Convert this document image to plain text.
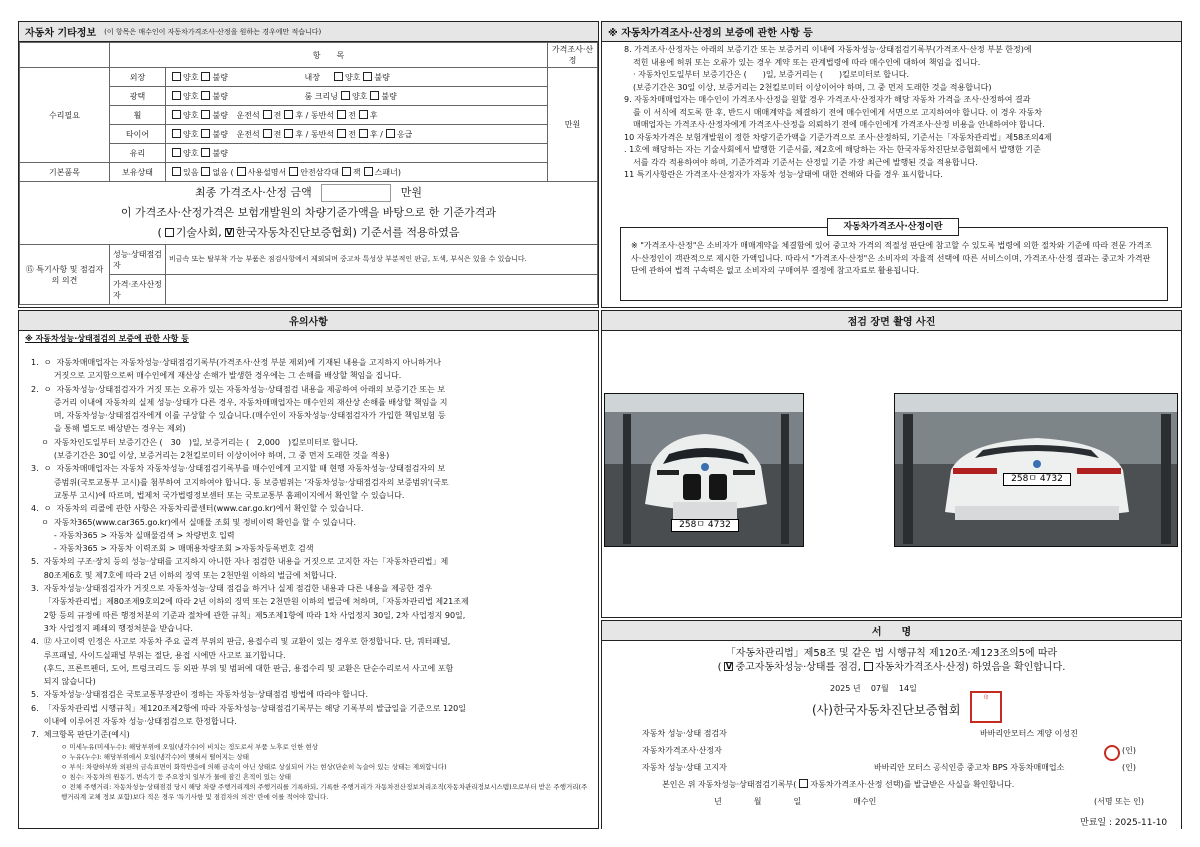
자동차 기타정보 (이 항목은 매수인이 자동차가격조사·산정을 원하는 경우에만 적습니다)
	항　　목		가격조사·산정
수리필요	외장	양호 불량 내장 양호 불량	만원
	광택	양호 불량 룸 크리닝 양호 불량	
	휠	양호 불량 운전석 전 후 / 동반석 전 후	
	타이어	양호 불량 운전석 전 후 / 동반석 전 후 / 응급	
	유리	양호 불량	
기본품목	보유상태	있음 없음 ( 사용설명서 안전삼각대 잭 스패너)	

최종 가격조사·산정 금액 만원
이 가격조사·산정가격은 보험개발원의 차량기준가액을 바탕으로 한 기준가격과
( 기술사회, V 한국자동차진단보증협회) 기준서를 적용하였음			

⑮ 특기사항 및 점검자의 의견	성능·상태점검자	비금속 또는 탈부착 가능 부품은 점검사항에서 제외되며 중고차 특성상 부분적인 판금, 도색, 부식은 있을 수 있습니다.	
	가격·조사산정자		
※ 자동차가격조사·산정의 보증에 관한 사항 등
8. 가격조사·산정자는 아래의 보증기간 또는 보증거리 이내에 자동차성능·상태점검기록부(가격조사·산정 부분 한정)에
적힌 내용에 허위 또는 오류가 있는 경우 계약 또는 관계법령에 따라 매수인에 대하여 책임을 집니다.
· 자동차인도일부터 보증기간은 (　　)일, 보증거리는 (　　)킬로미터로 합니다.
(보증기간은 30일 이상, 보증거리는 2천킬로미터 이상이어야 하며, 그 중 먼저 도래한 것을 적용합니다)
9. 자동차매매업자는 매수인이 가격조사·산정을 원할 경우 가격조사·산정자가 해당 자동차 가격을 조사·산정하여 결과
를 이 서식에 적도록 한 후, 반드시 매매계약을 체결하기 전에 매수인에게 서면으로 고지하여야 합니다. 이 경우 자동차
매매업자는 가격조사·산정자에게 가격조사·산정을 의뢰하기 전에 매수인에게 가격조사·산정 비용을 안내하여야 합니다.
10 자동차가격은 보험개발원이 정한 차량기준가액을 기준가격으로 조사·산정하되, 기준서는「자동차관리법」제58조의4제
. 1호에 해당하는 자는 기술사회에서 발행한 기준서를, 제2호에 해당하는 자는 한국자동차진단보증협회에서 발행한 기준
서를 각각 적용하여야 하며, 기준가격과 기준서는 산정일 기준 가장 최근에 발행된 것을 적용합니다.
11 특기사항란은 가격조사·산정자가 자동차 성능·상태에 대한 견해와 다를 경우 표시합니다.
자동차가격조사·산정이란
※ "가격조사·산정"은 소비자가 매매계약을 체결함에 있어 중고차 가격의 적절성 판단에 참고할 수 있도록 법령에 의한 절차와 기준에 따라 전문 가격조사·산정인이 객관적으로 제시한 가액입니다. 따라서 "가격조사·산정"은 소비자의 자율적 선택에 따른 서비스이며, 가격조사·산정 결과는 중고차 가격판단에 관하여 법적 구속력은 없고 소비자의 구매여부 결정에 참고자료로 활용됩니다.
유의사항
※ 자동차성능·상태점검의 보증에 관한 사항 등
1.  ㅇ  자동차매매업자는 자동차성능·상태점검기록부(가격조사·산정 부분 제외)에 기재된 내용을 고지하지 아니하거나
거짓으로 고지함으로써 매수인에게 재산상 손해가 발생한 경우에는 그 손해를 배상할 책임을 집니다.
2.  ㅇ  자동차성능·상태점검자가 거짓 또는 오류가 있는 자동차성능·상태점검 내용을 제공하여 아래의 보증기간 또는 보
증거리 이내에 자동차의 실제 성능·상태가 다른 경우, 자동차매매업자는 매수인의 재산상 손해를 배상할 책임을 지
며, 자동차성능·상태점검자에게 이를 구상할 수 있습니다.(매수인이 자동차성능·상태점검자가 가입한 책임보험 등
을 통해 별도로 배상받는 경우는 제외)
ㅇ  자동차인도일부터 보증기간은 (　30　)일, 보증거리는 (　2,000　)킬로미터로 합니다.
(보증기간은 30일 이상, 보증거리는 2천킬로미터 이상이어야 하며, 그 중 먼저 도래한 것을 적용)
3.  ㅇ  자동차매매업자는 자동차 자동차성능·상태점검기록부를 매수인에게 고지할 때 현행 자동차성능·상태점검자의 보
증범위(국토교통부 고시)를 첨부하여 고지하여야 합니다. 동 보증범위는 '자동차성능·상태점검자의 보증범위'(국토
교통부 고시)에 따르며, 법제처 국가법령정보센터 또는 국토교통부 홈페이지에서 확인할 수 있습니다.
4.  ㅇ  자동차의 리콜에 관한 사항은 자동차리콜센터(www.car.go.kr)에서 확인할 수 있습니다.
ㅇ  자동차365(www.car365.go.kr)에서 실매물 조회 및 정비이력 확인을 할 수 있습니다.
- 자동차365 > 자동차 실매물검색 > 차량번호 입력
- 자동차365 > 자동차 이력조회 > 매매용차량조회 >자동차등록번호 검색
5.  자동차의 구조·장치 등의 성능·상태를 고지하지 아니한 자나 점검한 내용을 거짓으로 고지한 자는「자동차관리법」제
80조제6호 및 제7호에 따라 2년 이하의 징역 또는 2천만원 이하의 벌금에 처합니다.
3.  자동차성능·상태점검자가 거짓으로 자동차성능·상태 점검을 하거나 실제 점검한 내용과 다른 내용을 제공한 경우
「자동차관리법」제80조제9호의2에 따라 2년 이하의 징역 또는 2천만원 이하의 벌금에 처하며,「자동차관리법 제21조제
2항 등의 규정에 따른 행정처분의 기준과 절차에 관한 규칙」제5조제1항에 따라 1차 사업정지 30일, 2차 사업정지 90일,
3차 사업정지 폐쇄의 행정처분을 받습니다.
4.  ⑫ 사고이력 인정은 사고로 자동차 주요 골격 부위의 판금, 용접수리 및 교환이 있는 경우로 한정합니다. 단, 쿼터패널,
루프패널, 사이드실패널 부위는 절단, 용접 시에만 사고로 표기합니다.
(후드, 프론트펜더, 도어, 트렁크리드 등 외판 부위 및 범퍼에 대한 판금, 용접수리 및 교환은 단순수리로서 사고에 포함
되지 않습니다)
5.  자동차성능·상태점검은 국토교통부장관이 정하는 자동차성능·상태점검 방법에 따라야 합니다.
6.  「자동차관리법 시행규칙」제120조제2항에 따라 자동차성능·상태점검기록부는 해당 기록부의 발급일을 기준으로 120일
이내에 이루어진 자동차 성능·상태점검으로 한정합니다.
7.  체크항목 판단기준(예시)
ㅇ 미세누유(미세누수): 해당부위에 오일(냉각수)이 비치는 정도로서 부품 노후로 인한 현상
ㅇ 누유(누수): 해당부위에서 오일(냉각수)이 맺혀서 떨어지는 상태
ㅇ 부식: 차량하부와 외판의 금속표면이 화학반응에 의해 금속이 아닌 상태로 상실되어 가는 현상(단순히 녹슬어 있는 상태는 제외합니다)
ㅇ 침수: 자동차의 원동기, 변속기 등 주요장치 일부가 물에 잠긴 흔적이 있는 상태
ㅇ 전체 주행거리: 자동차성능·상태점검 당시 해당 차량 주행거리계의 주행거리를 기록하되, 기록한 주행거리가 자동차전산정보처리조직(자동차관리정보시스템)으로부터 받은 주행거리(주행거리계 교체 정보 포함)보다 적은 경우 '특기사항 및 점검자의 의견' 란에 이를 적어야 합니다.
점검 장면 촬영 사진
258ㅁ 4732
258ㅁ 4732
서　　명
「자동차관리법」제58조 및 같은 법 시행규칙 제120조·제123조의5에 따라
( V 중고자동차성능·상태를 점검, 자동차가격조사·산정) 하였음을 확인합니다.
2025 년 07월 14일
(사)한국자동차진단보증협회
印
자동차 성능·상태 점검자	바바리안모터스 계양 이성진
자동차가격조사·산정자	(인)
자동차 성능·상태 고지자	바바리안 모터스 공식인증 중고차 BPS 자동차매매업소	(인)
본인은 위 자동차성능·상태점검기록부( 자동차가격조사·산정 선택)를 발급받은 사실을 확인합니다.
년　　　　월　　　　일	매수인	(서명 또는 인)
만료일 : 2025-11-10
